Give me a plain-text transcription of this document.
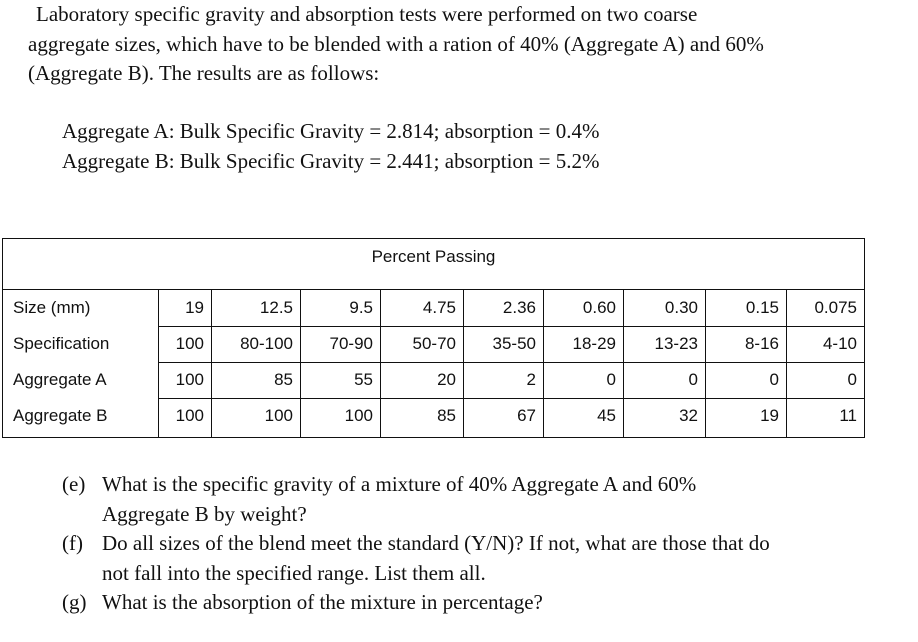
Laboratory specific gravity and absorption tests were performed on two coarse

aggregate sizes, which have to be blended with a ration of 40% (Aggregate A) and 60%
(Aggregate B). The results are as follows:
Aggregate A: Bulk Specific Gravity = 2.814; absorption = 0.4%
Aggregate B: Bulk Specific Gravity = 2.441; absorption = 5.2%
Percent Passing
Size (mm)	19	12.5	9.5	4.75	2.36	0.60	0.30	0.15	0.075
Specification	100	80-100	70-90	50-70	35-50	18-29	13-23	8-16	4-10
Aggregate A	100	85	55	20	2	0	0	0	0
Aggregate B	100	100	100	85	67	45	32	19	11
(e) What is the specific gravity of a mixture of 40% Aggregate A and 60%
Aggregate B by weight?
(f) Do all sizes of the blend meet the standard (Y/N)? If not, what are those that do
not fall into the specified range. List them all.
(g) What is the absorption of the mixture in percentage?
